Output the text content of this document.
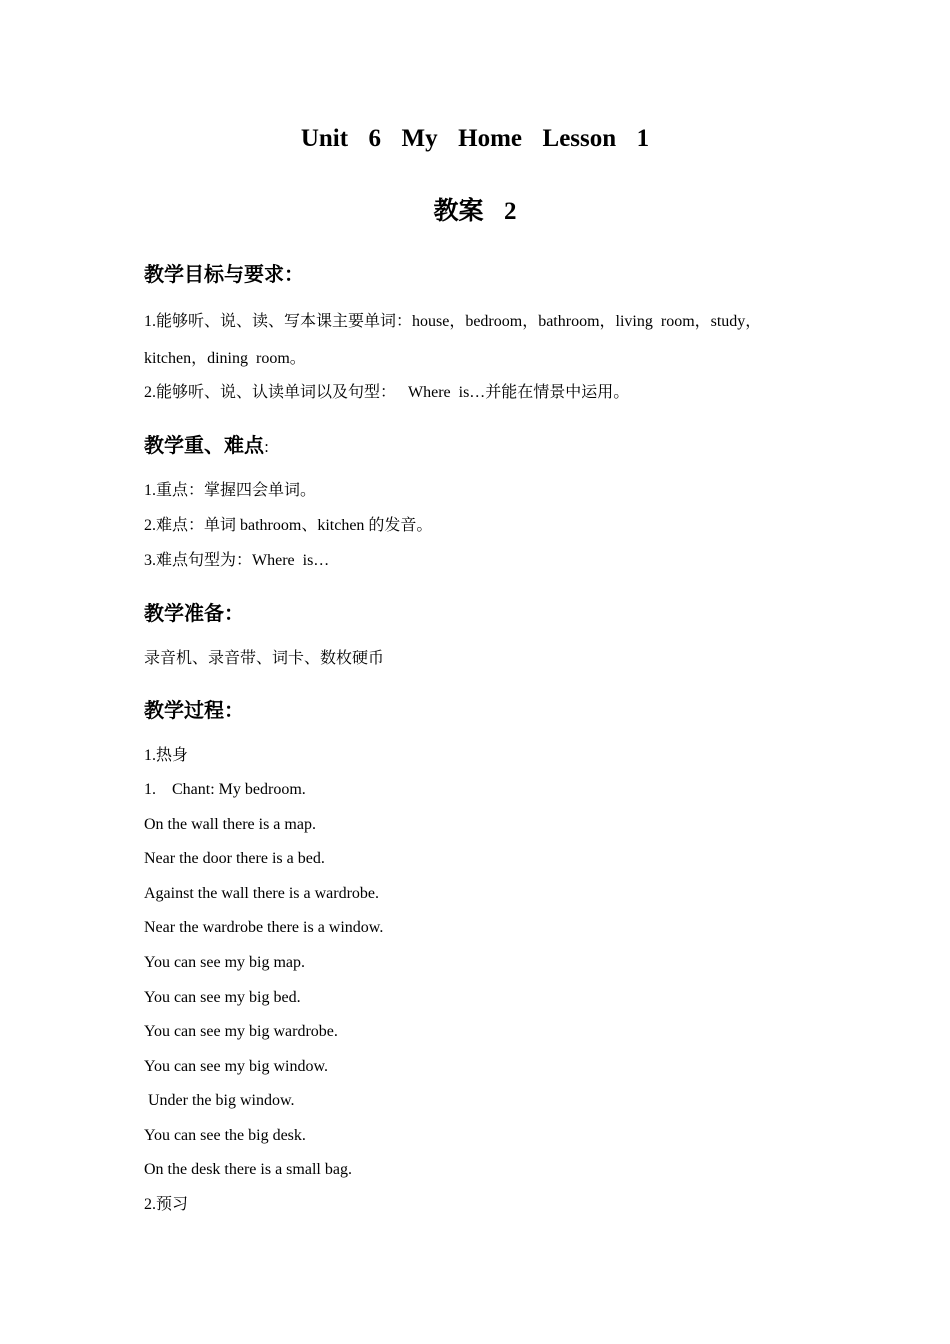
Unit  6  My  Home  Lesson  1
教案  2
教学目标与要求：
1.能够听、说、读、写本课主要单词：house，bedroom，bathroom，living  room，study，
kitchen，dining  room。
2.能够听、说、认读单词以及句型：   Where  is…并能在情景中运用。
教学重、难点:
1.重点：掌握四会单词。
2.难点：单词 bathroom、kitchen 的发音。
3.难点句型为：Where  is…
教学准备：
录音机、录音带、词卡、数枚硬币
教学过程：
1.热身
1.    Chant: My bedroom.
On the wall there is a map.
Near the door there is a bed.
Against the wall there is a wardrobe.
Near the wardrobe there is a window.
You can see my big map.
You can see my big bed.
You can see my big wardrobe.
You can see my big window.
Under the big window.
You can see the big desk.
On the desk there is a small bag.
2.预习
